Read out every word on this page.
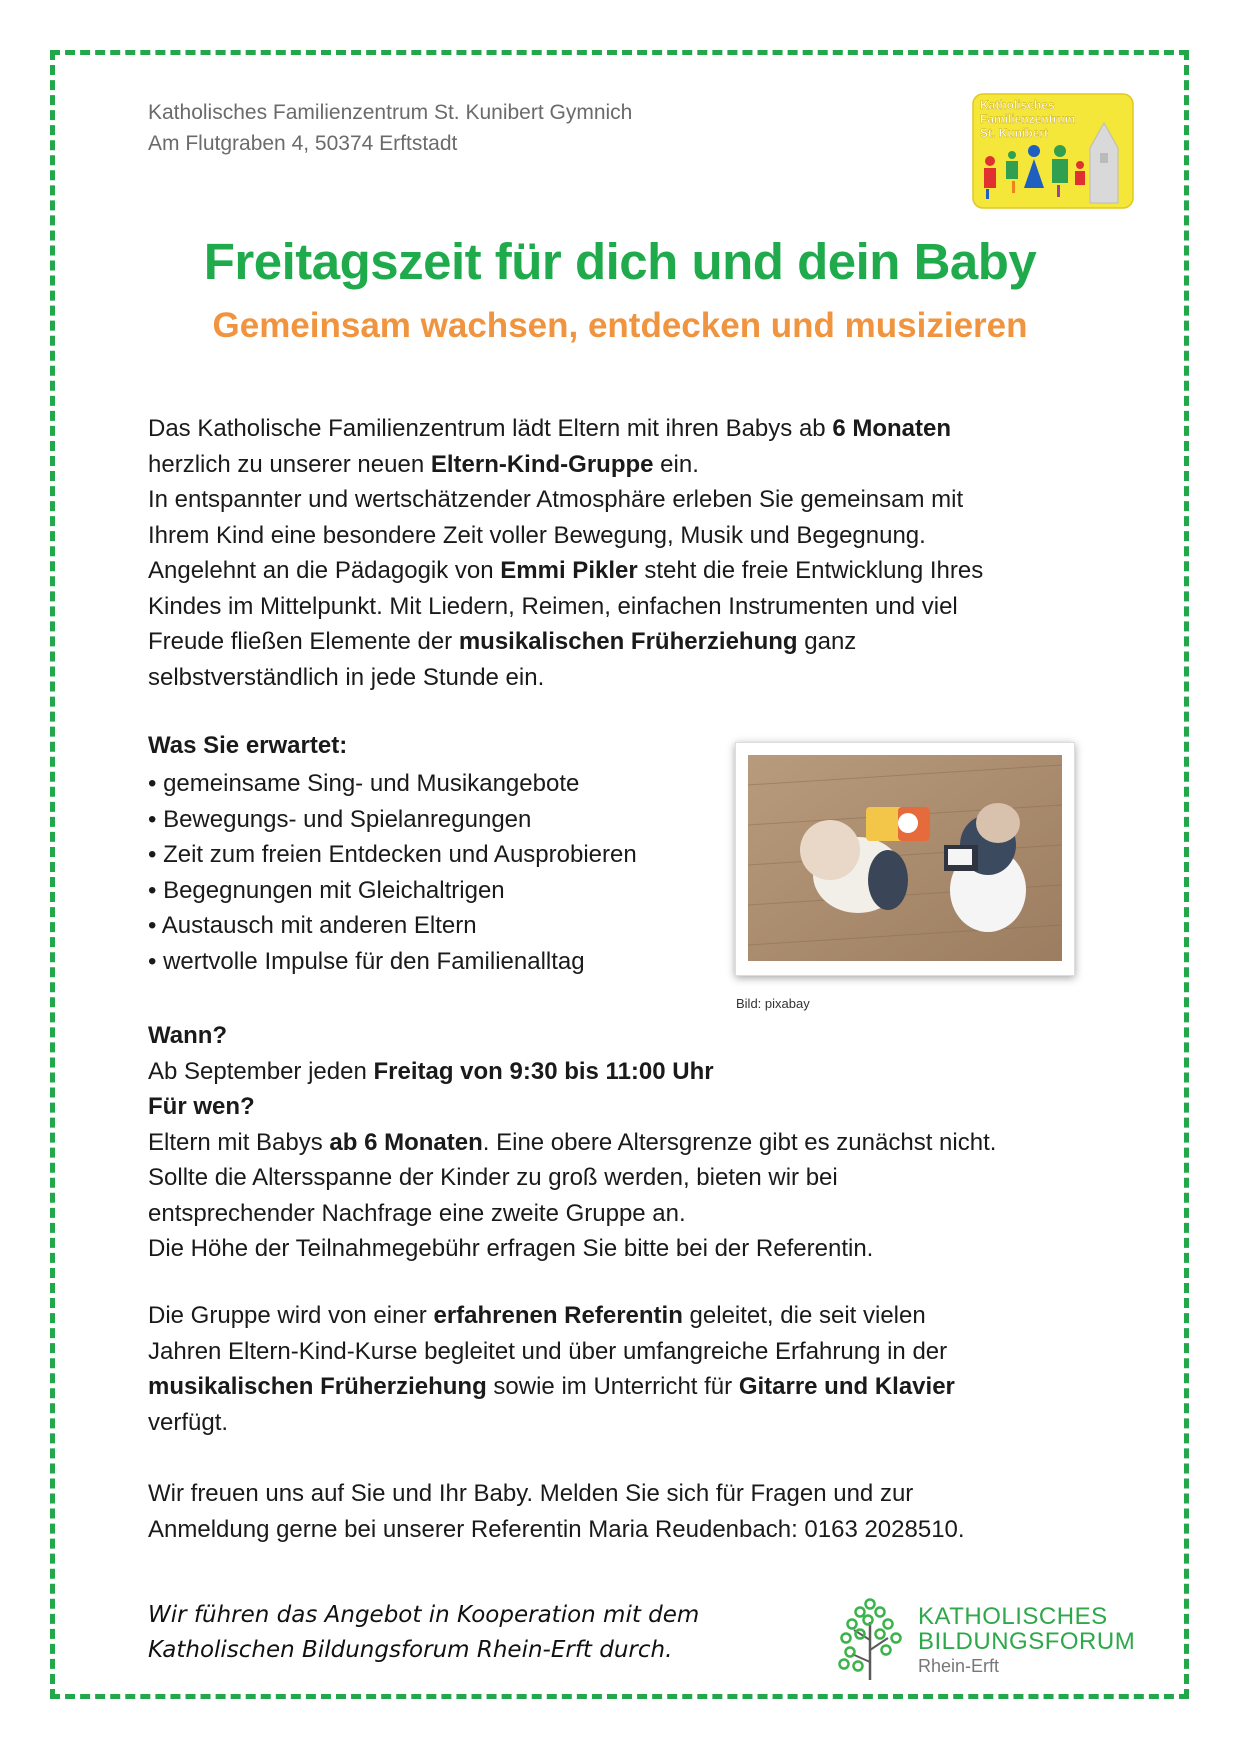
Katholisches Familienzentrum St. Kunibert Gymnich
Am Flutgraben 4, 50374 Erftstadt
Katholisches
Familienzentrum
St. Kunibert
Freitagszeit für dich und dein Baby
Gemeinsam wachsen, entdecken und musizieren

Das Katholische Familienzentrum lädt Eltern mit ihren Babys ab 6 Monaten

herzlich zu unserer neuen Eltern-Kind-Gruppe ein.

In entspannter und wertschätzender Atmosphäre erleben Sie gemeinsam mit

Ihrem Kind eine besondere Zeit voller Bewegung, Musik und Begegnung.

Angelehnt an die Pädagogik von Emmi Pikler steht die freie Entwicklung Ihres

Kindes im Mittelpunkt. Mit Liedern, Reimen, einfachen Instrumenten und viel

Freude fließen Elemente der musikalischen Früherziehung ganz

selbstverständlich in jede Stunde ein.

Was Sie erwartet:
• gemeinsame Sing- und Musikangebote
• Bewegungs- und Spielanregungen
• Zeit zum freien Entdecken und Ausprobieren
• Begegnungen mit Gleichaltrigen
• Austausch mit anderen Eltern
• wertvolle Impulse für den Familienalltag
Bild: pixabay

Wann?

Ab September jeden Freitag von 9:30 bis 11:00 Uhr

Für wen?

Eltern mit Babys ab 6 Monaten. Eine obere Altersgrenze gibt es zunächst nicht.

Sollte die Altersspanne der Kinder zu groß werden, bieten wir bei

entsprechender Nachfrage eine zweite Gruppe an.

Die Höhe der Teilnahmegebühr erfragen Sie bitte bei der Referentin.

Die Gruppe wird von einer erfahrenen Referentin geleitet, die seit vielen

Jahren Eltern-Kind-Kurse begleitet und über umfangreiche Erfahrung in der

musikalischen Früherziehung sowie im Unterricht für Gitarre und Klavier

verfügt.

Wir freuen uns auf Sie und Ihr Baby. Melden Sie sich für Fragen und zur
Anmeldung gerne bei unserer Referentin Maria Reudenbach: 0163 2028510.
Wir führen das Angebot in Kooperation mit dem
Katholischen Bildungsforum Rhein-Erft durch.
KATHOLISCHES
BILDUNGSFORUM
Rhein-Erft
